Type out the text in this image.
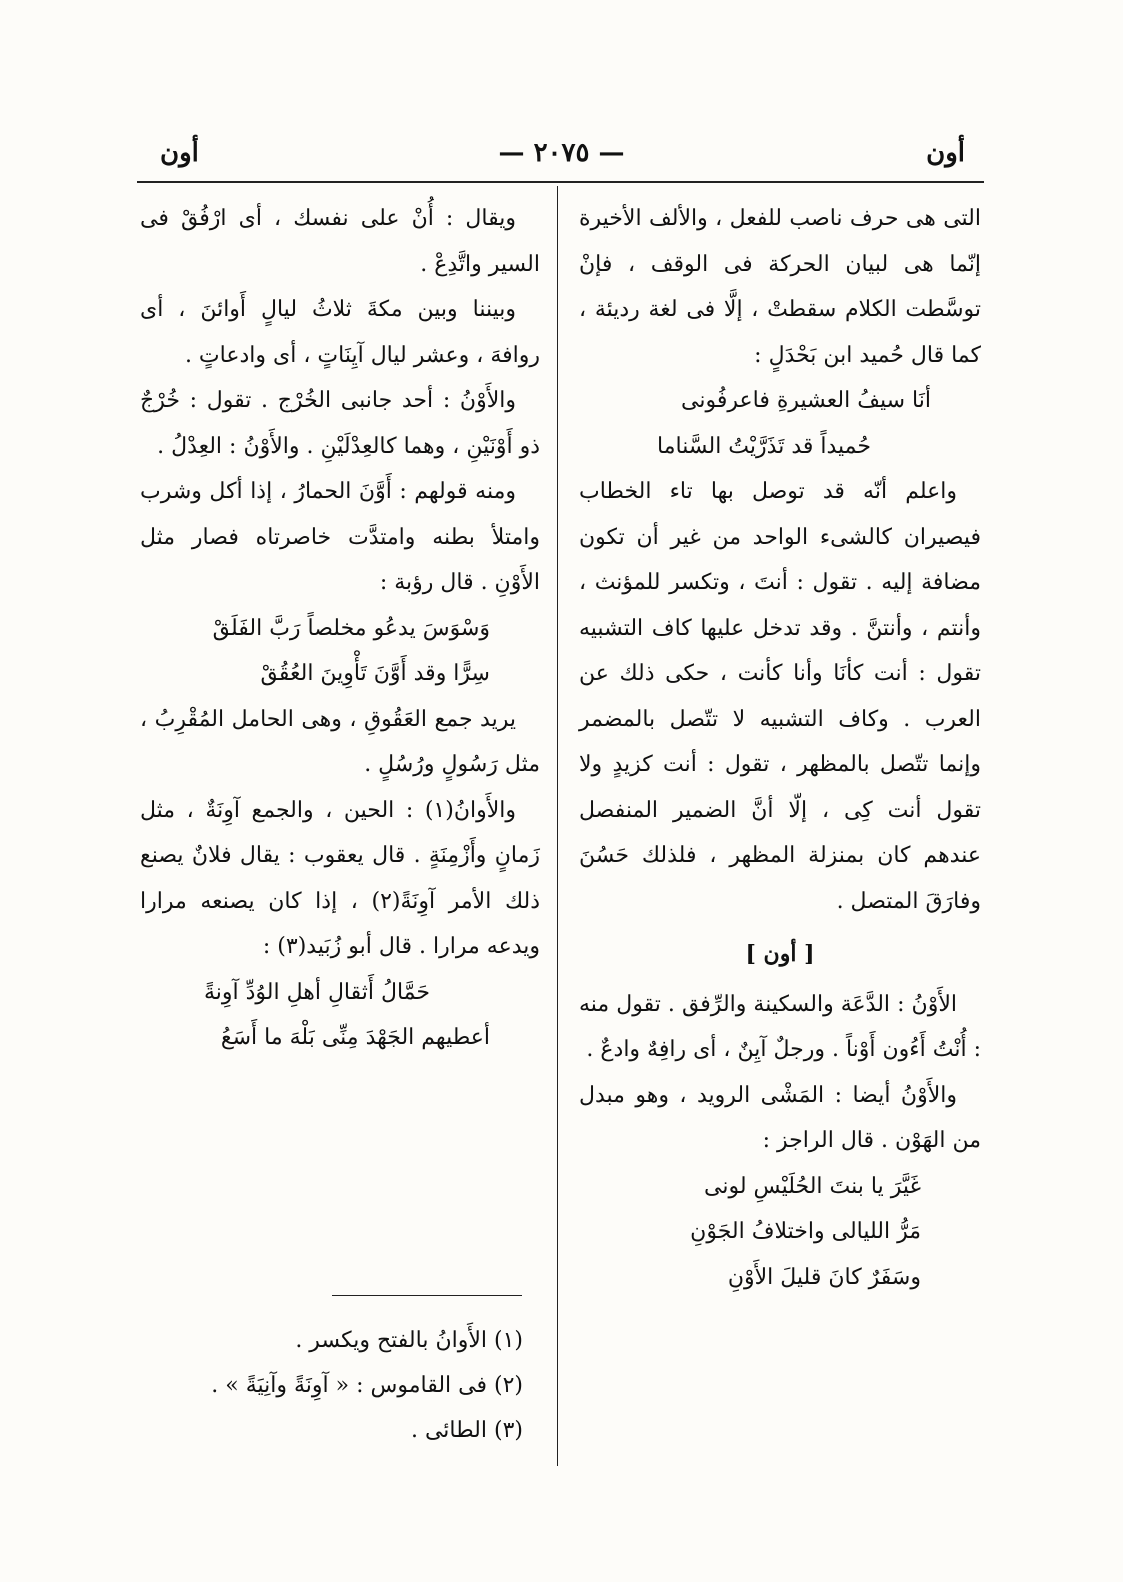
أون
— ٢٠٧٥ —
أون

التى هى حرف ناصب للفعل ، والألف الأخيرة إنّما هى لبيان الحركة فى الوقف ، فإنْ توسَّطت الكلام سقطتْ ، إلَّا فى لغة رديئة ، كما قال حُميد ابن بَحْدَلٍ :

أنَا سيفُ العشيرةِ فاعرفُونى

حُميداً قد تَذَرَّيْتُ السَّناما

واعلم أنّه قد توصل بها تاء الخطاب فيصيران كالشىء الواحد من غير أن تكون مضافة إليه . تقول : أنتَ ، وتكسر للمؤنث ، وأنتم ، وأنتنَّ . وقد تدخل عليها كاف التشبيه تقول : أنت كأنَا وأنا كأنت ، حكى ذلك عن العرب . وكاف التشبيه لا تتّصل بالمضمر وإنما تتّصل بالمظهر ، تقول : أنت كزيدٍ ولا تقول أنت كِى ، إلّا أنَّ الضمير المنفصل عندهم كان بمنزلة المظهر ، فلذلك حَسُنَ وفارَقَ المتصل .

[ أون ]

الأَوْنُ : الدَّعَة والسكينة والرِّفق . تقول منه : أُنْتُ أَءُون أَوْناً . ورجلٌ آيِنٌ ، أى رافِهٌ وادعٌ .

والأَوْنُ أيضا : المَشْى الرويد ، وهو مبدل من الهَوْن . قال الراجز :

غَيَّرَ يا بنتَ الحُلَيْسِ لونى

مَرُّ الليالى واختلافُ الجَوْنِ

وسَفَرٌ كانَ قليلَ الأَوْنِ

ويقال : أُنْ على نفسك ، أى ارْفُقْ فى السير واتَّدِعْ .

وبيننا وبين مكةَ ثلاثُ ليالٍ أَوائنَ ، أى روافهَ ، وعشر ليال آيِنَاتٍ ، أى وادعاتٍ .

والأَوْنُ : أحد جانبى الخُرْج . تقول : خُرْجٌ ذو أَوْنَيْنِ ، وهما كالعِدْلَيْنِ . والأَوْنُ : العِدْلُ .

ومنه قولهم : أَوَّنَ الحمارُ ، إذا أكل وشرب وامتلأ بطنه وامتدَّت خاصرتاه فصار مثل الأَوْنِ . قال رؤبة :

وَسْوَسَ يدعُو مخلصاً رَبَّ الفَلَقْ

سِرًّا وقد أَوَّنَ تَأْوِينَ العُقُقْ

يريد جمع العَقُوقِ ، وهى الحامل المُقْرِبُ ، مثل رَسُولٍ ورُسُلٍ .

والأَوانُ(١) : الحين ، والجمع آوِنَةٌ ، مثل زَمانٍ وأَزْمِنَةٍ . قال يعقوب : يقال فلانٌ يصنع ذلك الأمر آوِنَةً(٢) ، إذا كان يصنعه مرارا ويدعه مرارا . قال أبو زُبَيد(٣) :

حَمَّالُ أَثقالِ أهلِ الوُدِّ آوِنةً

أعطيهم الجَهْدَ مِنِّى بَلْهَ ما أَسَعُ

(١) الأَوانُ بالفتح ويكسر .

(٢) فى القاموس : « آوِنَةً وآنِيَةً » .

(٣) الطائى .
